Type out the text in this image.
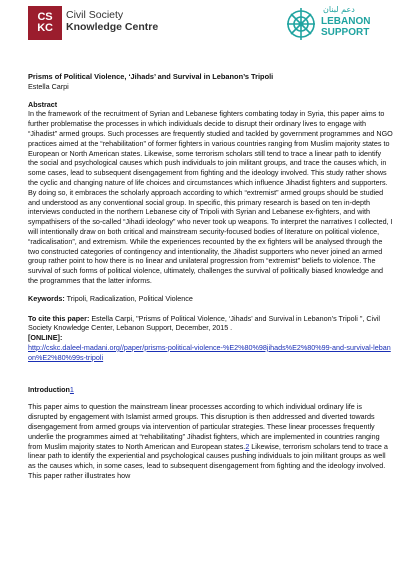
CS
KC
Civil Society
Knowledge Centre
دعم لبنان
LEBANON
SUPPORT

Prisms of Political Violence, ‘Jihads’ and Survival in Lebanon’s Tripoli

Estella Carpi

Abstract

In the framework of the recruitment of Syrian and Lebanese fighters combating today in Syria, this paper aims to further problematise the processes in which individuals decide to disrupt their ordinary lives to engage with “Jihadist” armed groups. Such processes are frequently studied and tackled by government programmes and NGO practices aimed at the “rehabilitation” of former fighters in various countries ranging from Muslim majority states to European or North American states. Likewise, some terrorism scholars still tend to trace a linear path to identify the social and psychological causes which push individuals to join militant groups, and trace the causes which, in some cases, lead to subsequent disengagement from fighting and the ideology involved. This study rather shows the cyclic and changing nature of life choices and circumstances which influence Jihadist fighters and supporters. By doing so, it embraces the scholarly approach according to which “extremist” armed groups should be studied and understood as any conventional social group. In specific, this primary research is based on ten in-depth interviews conducted in the northern Lebanese city of Tripoli with Syrian and Lebanese ex-fighters, and with sympathisers of the so-called “Jihadi ideology” who never took up weapons. To interpret the narratives I collected, I will intentionally draw on both critical and mainstream security-focused bodies of literature on political violence, “radicalisation”, and extremism. While the experiences recounted by the ex fighters will be analysed through the two constructed categories of contingency and intentionality, the Jihadist supporters who never joined an armed group rather point to how there is no linear and unilateral progression from “extremist” beliefs to violence. The survival of such forms of political violence, ultimately, challenges the survival of politically biased knowledge and the programmes that the latter informs.

Keywords: Tripoli, Radicalization, Political Violence

To cite this paper: Estella Carpi, "Prisms of Political Violence, ‘Jihads’ and Survival in Lebanon’s Tripoli ", Civil Society Knowledge Center, Lebanon Support, December, 2015 .

[ONLINE]:

http://cskc.daleel-madani.org//paper/prisms-political-violence-%E2%80%98jihads%E2%80%99-and-survival-lebanon%E2%80%99s-tripoli

Introduction1

This paper aims to question the mainstream linear processes according to which individual ordinary life is disrupted by engagement with Islamist armed groups. This disruption is then addressed and diverted towards disengagement from armed groups via intervention of particular strategies. These linear processes frequently underlie the programmes aimed at “rehabilitating” Jihadist fighters, which are implemented in countries ranging from Muslim majority states to North American and European states.2 Likewise, terrorism scholars tend to trace a linear path to identify the experiential and psychological causes pushing individuals to join militant groups as well as the causes which, in some cases, lead to subsequent disengagement from fighting and the ideology involved. This paper rather illustrates how
